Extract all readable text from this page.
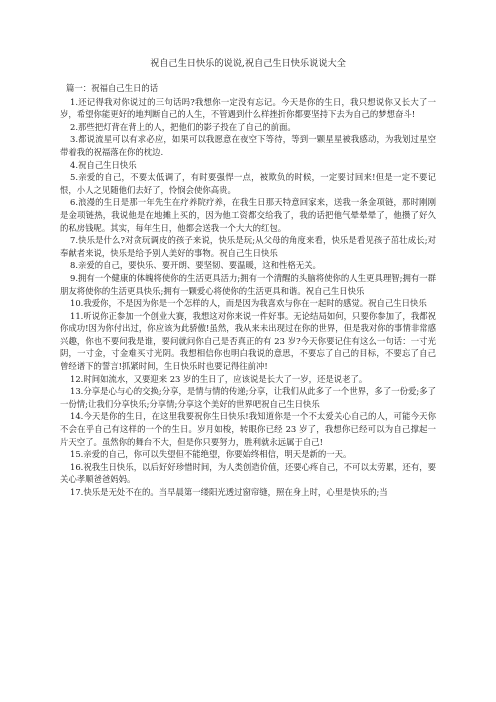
祝自己生日快乐的说说,祝自己生日快乐说说大全

篇一：祝福自己生日的话

1.还记得我对你说过的三句话吗?我想你一定没有忘记。今天是你的生日，我只想说你又长大了一岁，希望你能更好的地判断自己的人生，不管遇到什么样挫折你都要坚持下去为自己的梦想奋斗!

2.那些把灯背在背上的人，把他们的影子投在了自己的前面。

3.都说流星可以有求必应，如果可以我愿意在夜空下等待，等到一颗星星被我感动，为我划过星空带着我的祝福落在你的枕边.

4.祝自己生日快乐

5.亲爱的自己，不要太低调了，有时要强悍一点，被欺负的时候，一定要讨回来!但是一定不要记恨，小人之见随他们去好了，怜悯会使你高贵。

6.浪漫的生日是那一年先生在疗养院疗养，在我生日那天特意回家来，送我一条金项链，那时刚刚是金项链热，我说他是在地摊上买的，因为他工资都交给我了，我的话把他气晕晕晕了，他攒了好久的私房钱呢。其实，每年生日，他都会送我一个大大的红包。

7.快乐是什么?对贪玩调皮的孩子来说，快乐是玩;从父母的角度来看，快乐是看见孩子茁壮成长;对奉献者来说，快乐是给予别人美好的事物。祝自己生日快乐

8.亲爱的自己，要快乐、要开朗、要坚韧、要温暖，这和性格无关。

9.拥有一个健康的体魄将使你的生活更具活力;拥有一个清醒的头脑将使你的人生更具理智;拥有一群朋友将使你的生活更具快乐;拥有一颗爱心将使你的生活更具和谐。祝自己生日快乐

10.我爱你，不是因为你是一个怎样的人，而是因为我喜欢与你在一起时的感觉。祝自己生日快乐

11.听说你正参加一个创业大赛，我想这对你来说一件好事。无论结局如何，只要你参加了，我都祝你成功!因为你付出过，你应该为此骄傲!虽然，我从来未出现过在你的世界，但是我对你的事情非常感兴趣，你也不要问我是谁，要问就问你自己是否真正的有 23 岁?今天你要记住有这么一句话：一寸光阴，一寸金，寸金难买寸光阴。我想相信你也明白我说的意思，不要忘了自己的目标，不要忘了自己曾经谱下的誓言!抓紧时间，生日快乐时也要记得往前冲!

12.时间如流水，又要迎来 23 岁的生日了，应该说是长大了一岁，还是说老了。

13.分享是心与心的交换;分享，是情与情的传递;分享，让我们从此多了一个世界，多了一份爱;多了一份情;让我们分享快乐;分享情;分享这个美好的世界吧祝自己生日快乐

14.今天是你的生日，在这里我要祝你生日快乐!我知道你是一个不太爱关心自己的人，可能今天你不会在乎自己有这样的一个的生日。岁月如梭，转眼你已经 23 岁了，我想你已经可以为自己撑起一片天空了。虽然你的舞台不大，但是你只要努力，胜利就永远属于自己!

15.亲爱的自己，你可以失望但不能绝望，你要始终相信，明天是新的一天。

16.祝我生日快乐，以后好好珍惜时间，为人类创造价值，还要心疼自己，不可以太劳累，还有，要关心孝顺爸爸妈妈。

17.快乐是无处不在的。当早晨第一缕阳光透过窗帘缝，照在身上时，心里是快乐的;当
